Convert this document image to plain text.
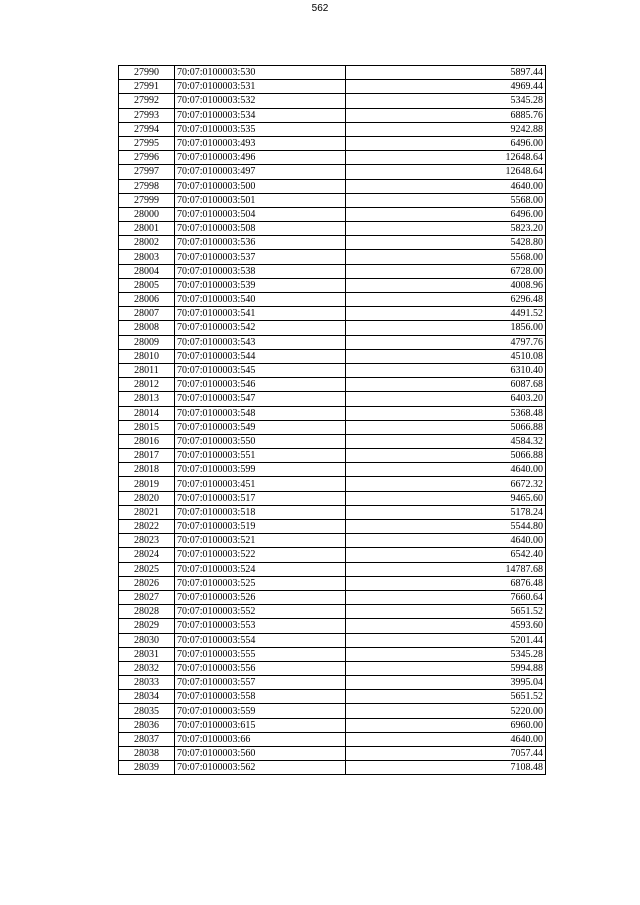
562
27990	70:07:0100003:530	5897.44
27991	70:07:0100003:531	4969.44
27992	70:07:0100003:532	5345.28
27993	70:07:0100003:534	6885.76
27994	70:07:0100003:535	9242.88
27995	70:07:0100003:493	6496.00
27996	70:07:0100003:496	12648.64
27997	70:07:0100003:497	12648.64
27998	70:07:0100003:500	4640.00
27999	70:07:0100003:501	5568.00
28000	70:07:0100003:504	6496.00
28001	70:07:0100003:508	5823.20
28002	70:07:0100003:536	5428.80
28003	70:07:0100003:537	5568.00
28004	70:07:0100003:538	6728.00
28005	70:07:0100003:539	4008.96
28006	70:07:0100003:540	6296.48
28007	70:07:0100003:541	4491.52
28008	70:07:0100003:542	1856.00
28009	70:07:0100003:543	4797.76
28010	70:07:0100003:544	4510.08
28011	70:07:0100003:545	6310.40
28012	70:07:0100003:546	6087.68
28013	70:07:0100003:547	6403.20
28014	70:07:0100003:548	5368.48
28015	70:07:0100003:549	5066.88
28016	70:07:0100003:550	4584.32
28017	70:07:0100003:551	5066.88
28018	70:07:0100003:599	4640.00
28019	70:07:0100003:451	6672.32
28020	70:07:0100003:517	9465.60
28021	70:07:0100003:518	5178.24
28022	70:07:0100003:519	5544.80
28023	70:07:0100003:521	4640.00
28024	70:07:0100003:522	6542.40
28025	70:07:0100003:524	14787.68
28026	70:07:0100003:525	6876.48
28027	70:07:0100003:526	7660.64
28028	70:07:0100003:552	5651.52
28029	70:07:0100003:553	4593.60
28030	70:07:0100003:554	5201.44
28031	70:07:0100003:555	5345.28
28032	70:07:0100003:556	5994.88
28033	70:07:0100003:557	3995.04
28034	70:07:0100003:558	5651.52
28035	70:07:0100003:559	5220.00
28036	70:07:0100003:615	6960.00
28037	70:07:0100003:66	4640.00
28038	70:07:0100003:560	7057.44
28039	70:07:0100003:562	7108.48
